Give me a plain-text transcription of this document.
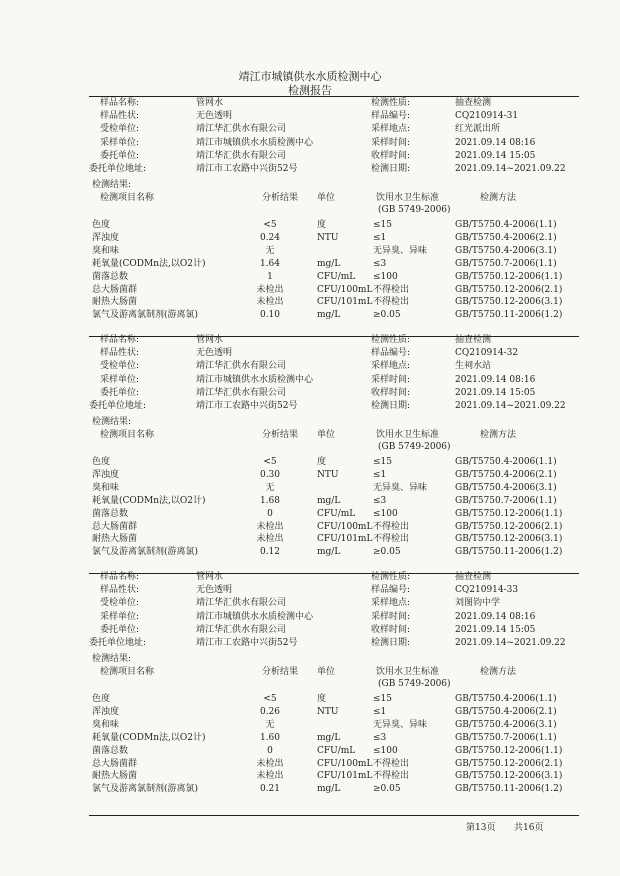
靖江市城镇供水水质检测中心
检测报告
样品名称:	管网水	检测性质:	抽查检测
样品性状:	无色透明	样品编号:	CQ210914-31
受检单位:	靖江华汇供水有限公司	采样地点:	红光派出所
采样单位:	靖江市城镇供水水质检测中心	采样时间:	2021.09.14 08:16
委托单位:	靖江华汇供水有限公司	收样时间:	2021.09.14 15:05
委托单位地址:	靖江市工农路中兴街52号	检测日期:	2021.09.14~2021.09.22
检测结果:
检测项目名称	分析结果 单位	饮用水卫生标准	检测方法
(GB 5749-2006)
色度	<5	度	≤15	GB/T5750.4-2006(1.1)
浑浊度	0.24	NTU	≤1	GB/T5750.4-2006(2.1)
臭和味	无	无异臭、异味	GB/T5750.4-2006(3.1)
耗氧量(CODMn法,以O2计)	1.64	mg/L	≤3	GB/T5750.7-2006(1.1)
菌落总数	1	CFU/mL ≤100	GB/T5750.12-2006(1.1)
总大肠菌群	未检出	CFU/100mL 不得检出	GB/T5750.12-2006(2.1)
耐热大肠菌	未检出	CFU/101mL 不得检出	GB/T5750.12-2006(3.1)
氯气及游离氯制剂(游离氯)	0.10	mg/L	≥0.05	GB/T5750.11-2006(1.2)
样品名称:	管网水	检测性质:	抽查检测
样品性状:	无色透明	样品编号:	CQ210914-32
受检单位:	靖江华汇供水有限公司	采样地点:	生祠水站
采样单位:	靖江市城镇供水水质检测中心	采样时间:	2021.09.14 08:16
委托单位:	靖江华汇供水有限公司	收样时间:	2021.09.14 15:05
委托单位地址:	靖江市工农路中兴街52号	检测日期:	2021.09.14~2021.09.22
检测结果:
检测项目名称	分析结果 单位	饮用水卫生标准	检测方法
(GB 5749-2006)
色度	<5	度	≤15	GB/T5750.4-2006(1.1)
浑浊度	0.30	NTU	≤1	GB/T5750.4-2006(2.1)
臭和味	无	无异臭、异味	GB/T5750.4-2006(3.1)
耗氧量(CODMn法,以O2计)	1.68	mg/L	≤3	GB/T5750.7-2006(1.1)
菌落总数	0	CFU/mL ≤100	GB/T5750.12-2006(1.1)
总大肠菌群	未检出	CFU/100mL 不得检出	GB/T5750.12-2006(2.1)
耐热大肠菌	未检出	CFU/101mL 不得检出	GB/T5750.12-2006(3.1)
氯气及游离氯制剂(游离氯)	0.12	mg/L	≥0.05	GB/T5750.11-2006(1.2)
样品名称:	管网水	检测性质:	抽查检测
样品性状:	无色透明	样品编号:	CQ210914-33
受检单位:	靖江华汇供水有限公司	采样地点:	刘图钧中学
采样单位:	靖江市城镇供水水质检测中心	采样时间:	2021.09.14 08:16
委托单位:	靖江华汇供水有限公司	收样时间:	2021.09.14 15:05
委托单位地址:	靖江市工农路中兴街52号	检测日期:	2021.09.14~2021.09.22
检测结果:
检测项目名称	分析结果 单位	饮用水卫生标准	检测方法
(GB 5749-2006)
色度	<5	度	≤15	GB/T5750.4-2006(1.1)
浑浊度	0.26	NTU	≤1	GB/T5750.4-2006(2.1)
臭和味	无	无异臭、异味	GB/T5750.4-2006(3.1)
耗氧量(CODMn法,以O2计)	1.60	mg/L	≤3	GB/T5750.7-2006(1.1)
菌落总数	0	CFU/mL ≤100	GB/T5750.12-2006(1.1)
总大肠菌群	未检出	CFU/100mL 不得检出	GB/T5750.12-2006(2.1)
耐热大肠菌	未检出	CFU/101mL 不得检出	GB/T5750.12-2006(3.1)
氯气及游离氯制剂(游离氯)	0.21	mg/L	≥0.05	GB/T5750.11-2006(1.2)
第13页 共16页
